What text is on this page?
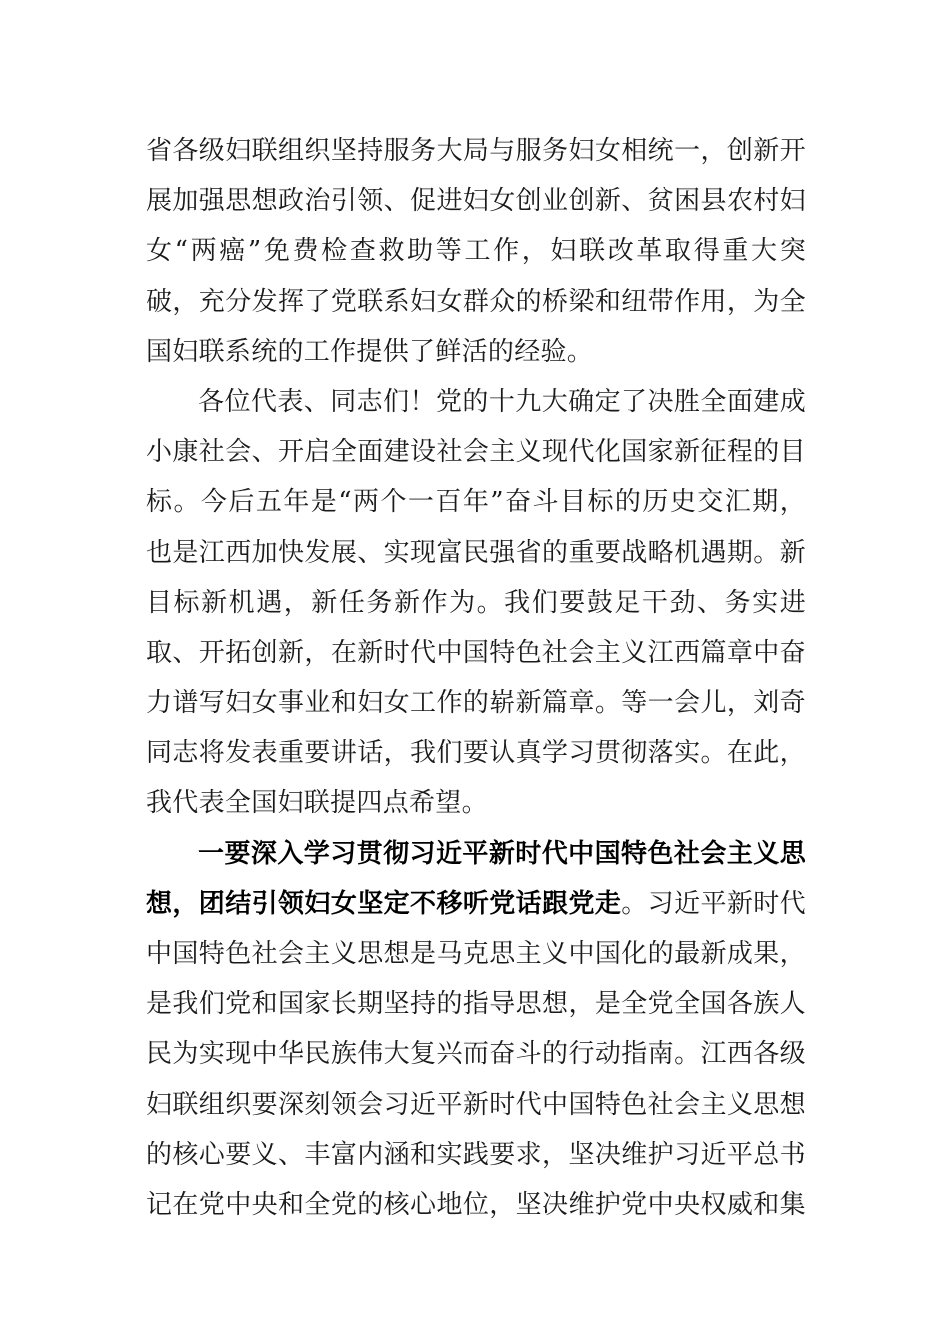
省各级妇联组织坚持服务大局与服务妇女相统一，创新开
展加强思想政治引领、促进妇女创业创新、贫困县农村妇
女“两癌”免费检查救助等工作，妇联改革取得重大突
破，充分发挥了党联系妇女群众的桥梁和纽带作用，为全
国妇联系统的工作提供了鲜活的经验。
各位代表、同志们！党的十九大确定了决胜全面建成
小康社会、开启全面建设社会主义现代化国家新征程的目
标。今后五年是“两个一百年”奋斗目标的历史交汇期，
也是江西加快发展、实现富民强省的重要战略机遇期。新
目标新机遇，新任务新作为。我们要鼓足干劲、务实进
取、开拓创新，在新时代中国特色社会主义江西篇章中奋
力谱写妇女事业和妇女工作的崭新篇章。等一会儿，刘奇
同志将发表重要讲话，我们要认真学习贯彻落实。在此，
我代表全国妇联提四点希望。
一要深入学习贯彻习近平新时代中国特色社会主义思
想，团结引领妇女坚定不移听党话跟党走。习近平新时代
中国特色社会主义思想是马克思主义中国化的最新成果，
是我们党和国家长期坚持的指导思想，是全党全国各族人
民为实现中华民族伟大复兴而奋斗的行动指南。江西各级
妇联组织要深刻领会习近平新时代中国特色社会主义思想
的核心要义、丰富内涵和实践要求，坚决维护习近平总书
记在党中央和全党的核心地位，坚决维护党中央权威和集
